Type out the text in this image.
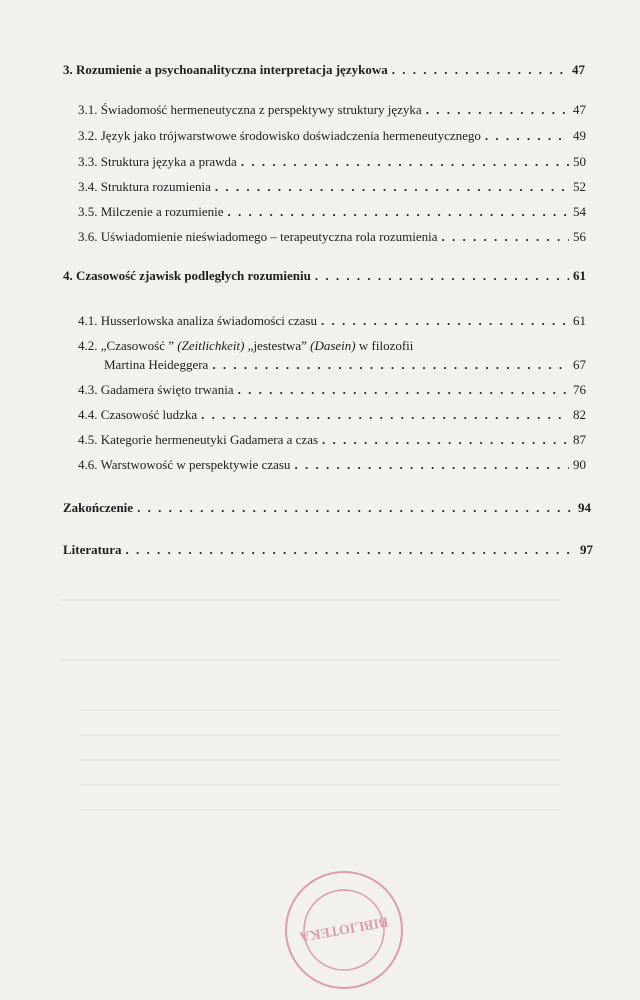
3. Rozumienie a psychoanalityczna interpretacja językowa . . .	47
3.1. Świadomość hermeneutyczna z perspektywy struktury języka . . .	47
3.2. Język jako trójwarstwowe środowisko doświadczenia hermeneutycznego . . .	49
3.3. Struktura języka a prawda . . .	50
3.4. Struktura rozumienia . . .	52
3.5. Milczenie a rozumienie . . .	54
3.6. Uświadomienie nieświadomego – terapeutyczna rola rozumienia . . .	56
4. Czasowość zjawisk podległych rozumieniu . . .	61
4.1. Husserlowska analiza świadomości czasu . . .	61
4.2. „Czasowość ” (Zeitlichkeit) „jestestwa” (Dasein) w filozofii
Martina Heideggera . . .	67
4.3. Gadamera święto trwania . . .	76
4.4. Czasowość ludzka . . .	82
4.5. Kategorie hermeneutyki Gadamera a czas . . .	87
4.6. Warstwowość w perspektywie czasu . . .	90
Zakończenie . . .	94
Literatura . . .	97
BIBLIOTEKA
